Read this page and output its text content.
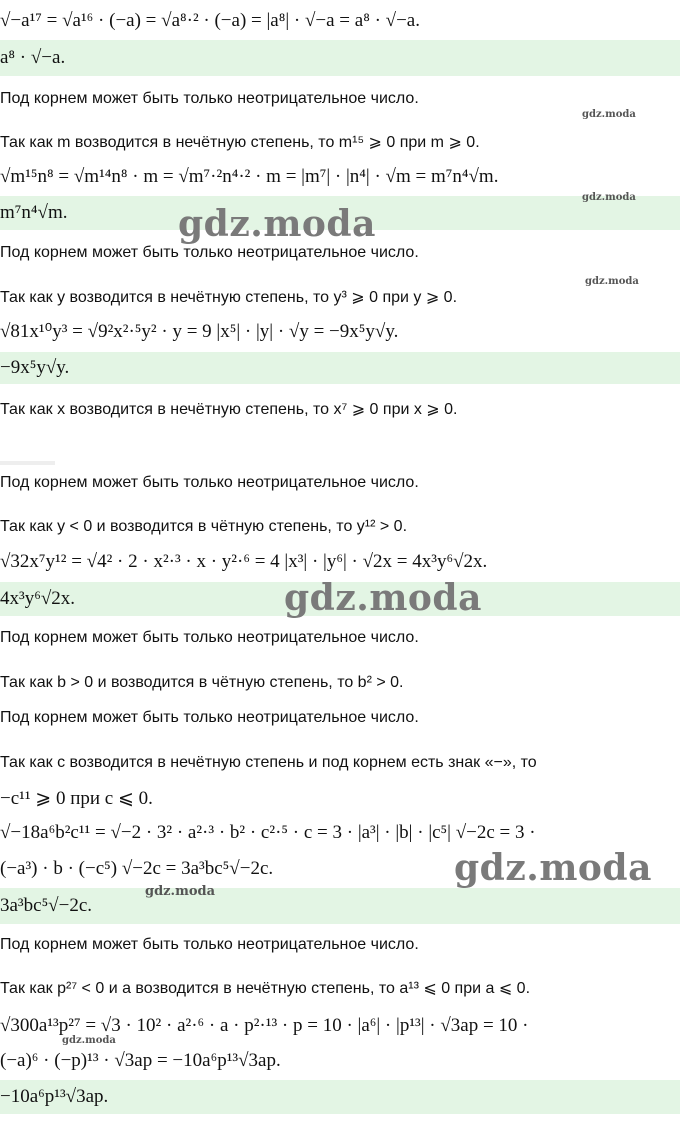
√−a¹⁷ = √a¹⁶ · (−a) = √a⁸·² · (−a) = |a⁸| · √−a = a⁸ · √−a.
a⁸ · √−a.
Под корнем может быть только неотрицательное число.
Так как m возводится в нечётную степень, то m¹⁵ ⩾ 0 при m ⩾ 0.
√m¹⁵n⁸ = √m¹⁴n⁸ · m = √m⁷·²n⁴·² · m = |m⁷| · |n⁴| · √m = m⁷n⁴√m.
m⁷n⁴√m.
Под корнем может быть только неотрицательное число.
Так как y возводится в нечётную степень, то y³ ⩾ 0 при y ⩾ 0.
√81x¹⁰y³ = √9²x²·⁵y² · y = 9 |x⁵| · |y| · √y = −9x⁵y√y.
−9x⁵y√y.
Так как x возводится в нечётную степень, то x⁷ ⩾ 0 при x ⩾ 0.
Под корнем может быть только неотрицательное число.
Так как y < 0 и возводится в чётную степень, то y¹² > 0.
√32x⁷y¹² = √4² · 2 · x²·³ · x · y²·⁶ = 4 |x³| · |y⁶| · √2x = 4x³y⁶√2x.
4x³y⁶√2x.
Под корнем может быть только неотрицательное число.
Так как b > 0 и возводится в чётную степень, то b² > 0.
Под корнем может быть только неотрицательное число.
Так как c возводится в нечётную степень и под корнем есть знак «−», то
−c¹¹ ⩾ 0 при c ⩽ 0.
√−18a⁶b²c¹¹ = √−2 · 3² · a²·³ · b² · c²·⁵ · c = 3 · |a³| · |b| · |c⁵| √−2c = 3 ·
(−a³) · b · (−c⁵) √−2c = 3a³bc⁵√−2c.
3a³bc⁵√−2c.
Под корнем может быть только неотрицательное число.
Так как p²⁷ < 0 и a возводится в нечётную степень, то a¹³ ⩽ 0 при a ⩽ 0.
√300a¹³p²⁷ = √3 · 10² · a²·⁶ · a · p²·¹³ · p = 10 · |a⁶| · |p¹³| · √3ap = 10 ·
(−a)⁶ · (−p)¹³ · √3ap = −10a⁶p¹³√3ap.
−10a⁶p¹³√3ap.
gdz.moda
gdz.moda
gdz.moda
gdz.moda
gdz.moda
gdz.moda
gdz.moda
gdz.moda
